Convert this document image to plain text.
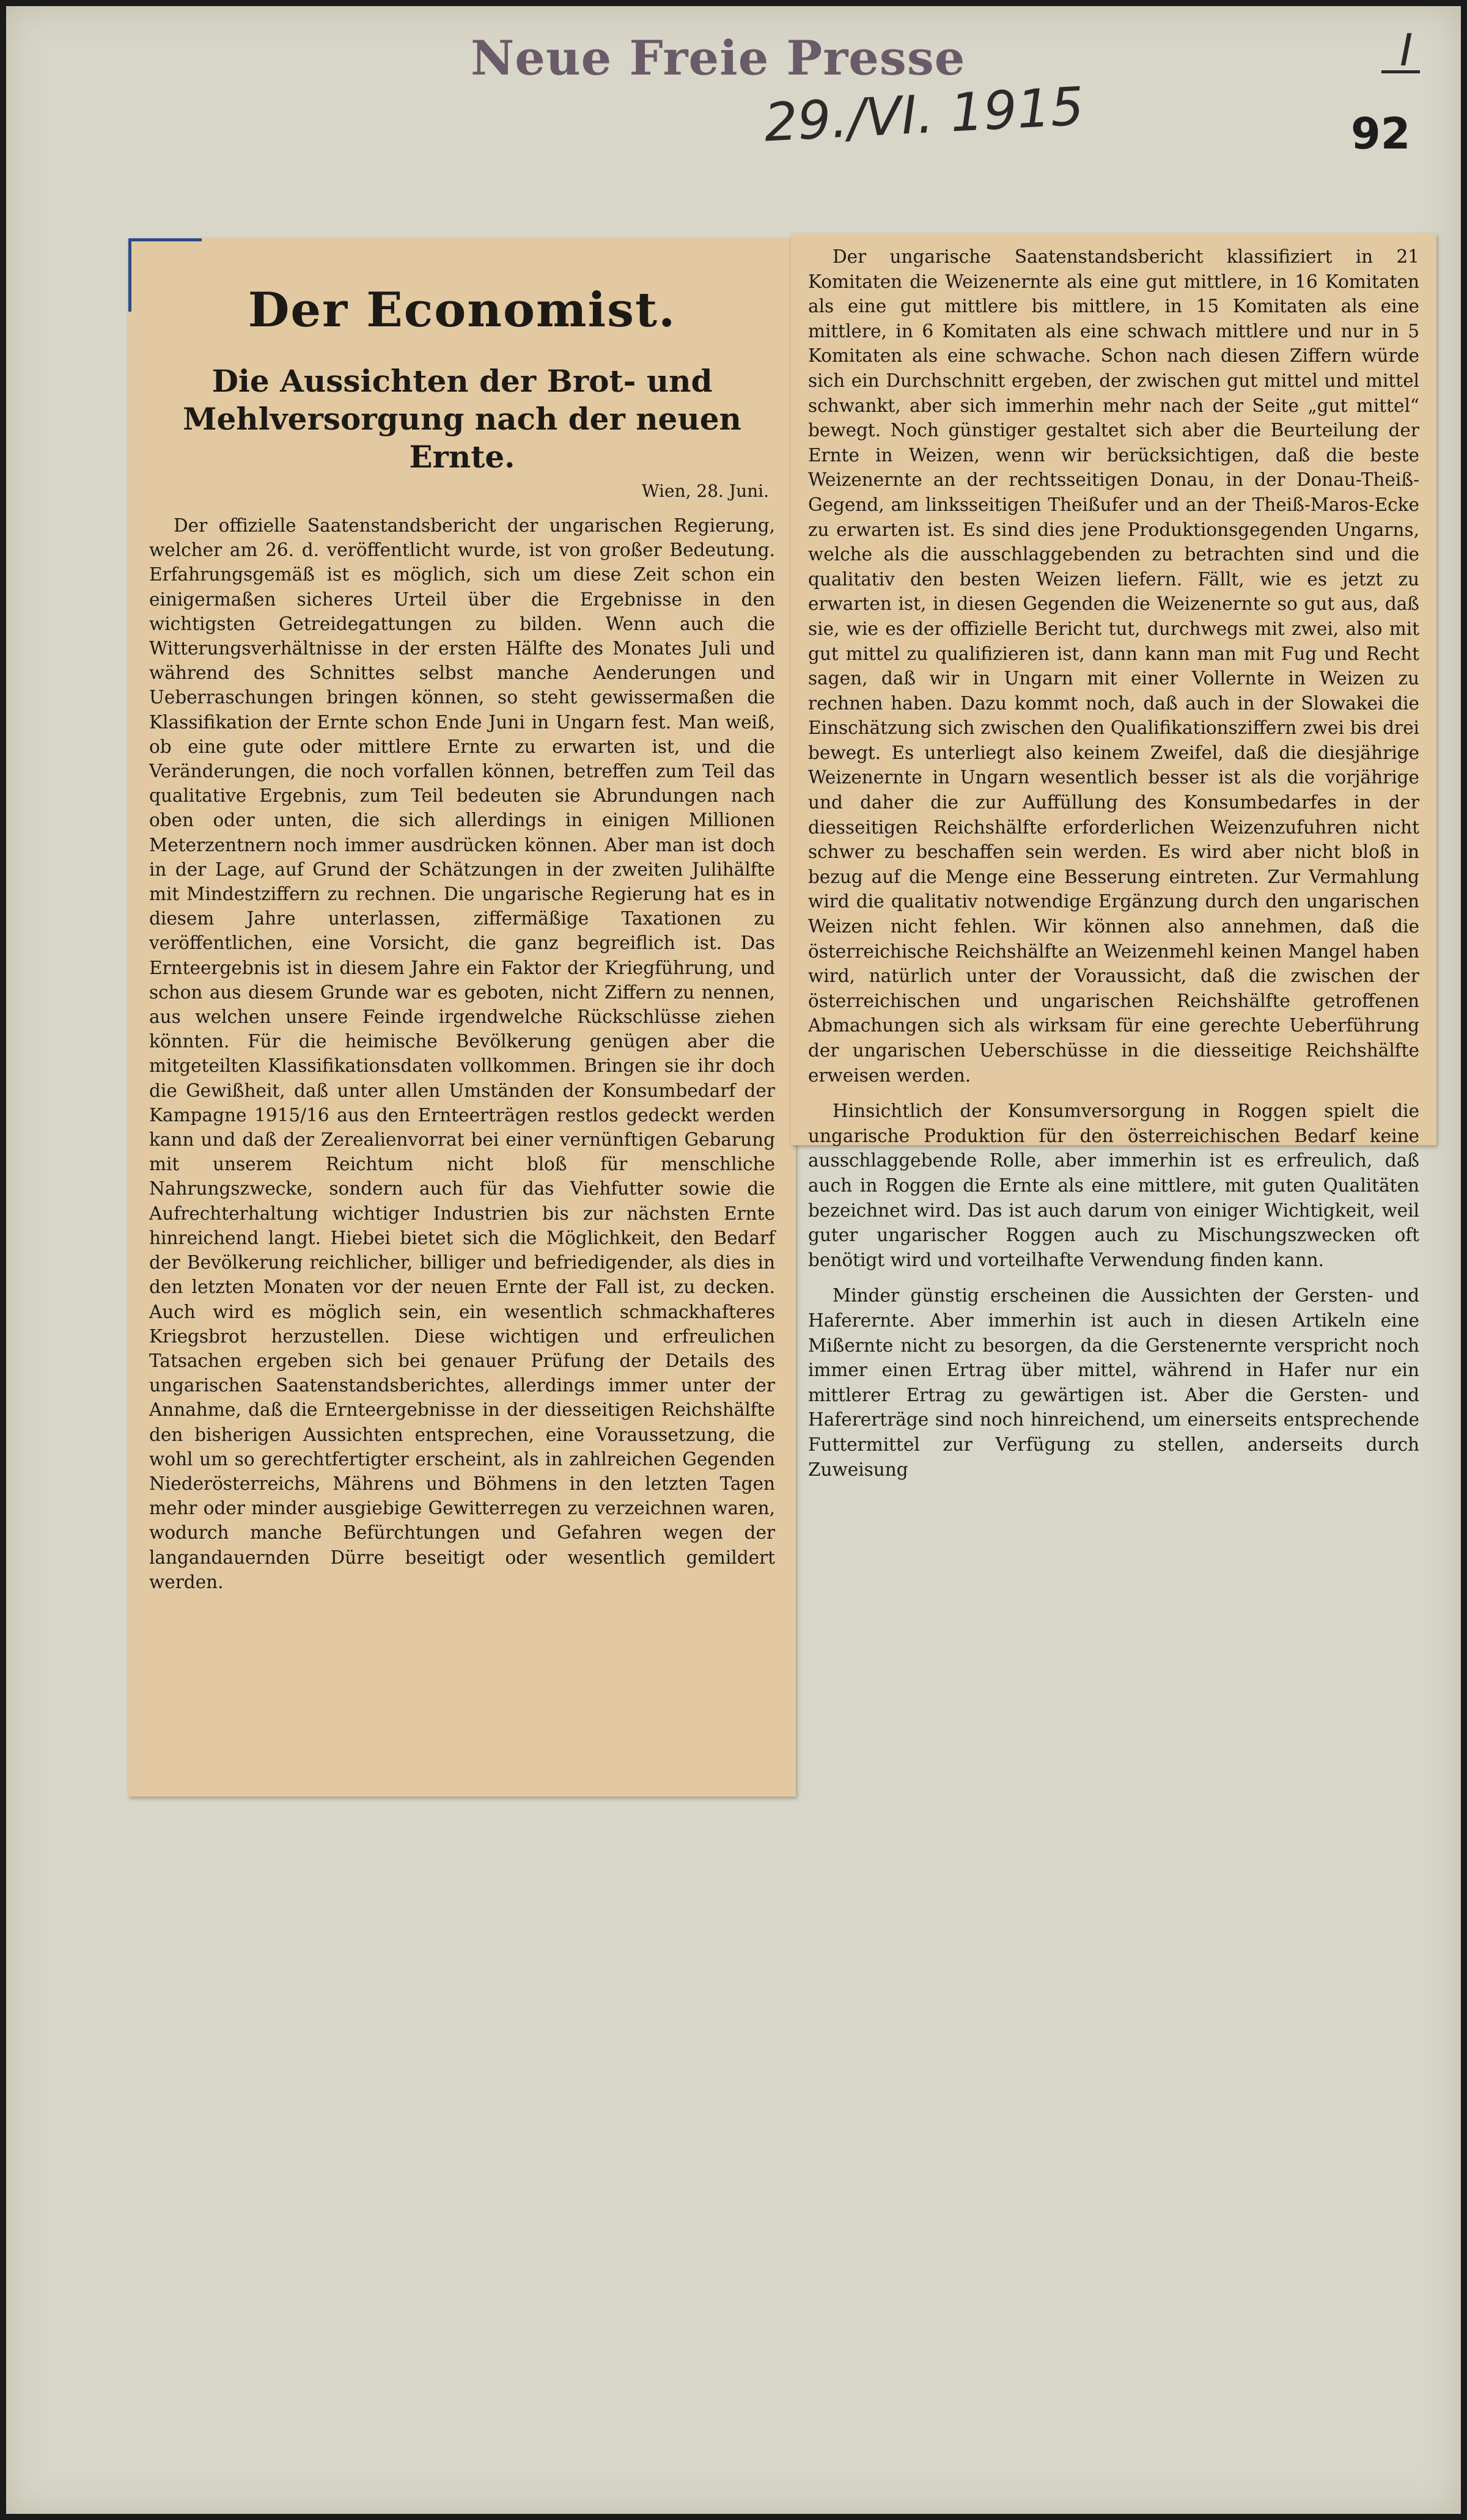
Neue Freie Presse
29./VI. 1915
I
92
Der Economist.
Die Aussichten der Brot- und Mehlversorgung nach der neuen Ernte.
Wien, 28. Juni.

Der offizielle Saatenstandsbericht der ungarischen Regierung, welcher am 26. d. veröffentlicht wurde, ist von großer Bedeutung. Erfahrungsgemäß ist es möglich, sich um diese Zeit schon ein einigermaßen sicheres Urteil über die Ergebnisse in den wichtigsten Getreidegattungen zu bilden. Wenn auch die Witterungsverhältnisse in der ersten Hälfte des Monates Juli und während des Schnittes selbst manche Aenderungen und Ueberraschungen bringen können, so steht gewissermaßen die Klassifikation der Ernte schon Ende Juni in Ungarn fest. Man weiß, ob eine gute oder mittlere Ernte zu erwarten ist, und die Veränderungen, die noch vorfallen können, betreffen zum Teil das qualitative Ergebnis, zum Teil bedeuten sie Abrundungen nach oben oder unten, die sich allerdings in einigen Millionen Meterzentnern noch immer ausdrücken können. Aber man ist doch in der Lage, auf Grund der Schätzungen in der zweiten Julihälfte mit Mindestziffern zu rechnen. Die ungarische Regierung hat es in diesem Jahre unterlassen, ziffermäßige Taxationen zu veröffentlichen, eine Vorsicht, die ganz begreiflich ist. Das Ernteergebnis ist in diesem Jahre ein Faktor der Kriegführung, und schon aus diesem Grunde war es geboten, nicht Ziffern zu nennen, aus welchen unsere Feinde irgendwelche Rückschlüsse ziehen könnten. Für die heimische Bevölkerung genügen aber die mitgeteilten Klassifikationsdaten vollkommen. Bringen sie ihr doch die Gewißheit, daß unter allen Umständen der Konsumbedarf der Kampagne 1915/16 aus den Ernteerträgen restlos gedeckt werden kann und daß der Zerealienvorrat bei einer vernünftigen Gebarung mit unserem Reichtum nicht bloß für menschliche Nahrungszwecke, sondern auch für das Viehfutter sowie die Aufrechterhaltung wichtiger Industrien bis zur nächsten Ernte hinreichend langt. Hiebei bietet sich die Möglichkeit, den Bedarf der Bevölkerung reichlicher, billiger und befriedigender, als dies in den letzten Monaten vor der neuen Ernte der Fall ist, zu decken. Auch wird es möglich sein, ein wesentlich schmackhafteres Kriegsbrot herzustellen. Diese wichtigen und erfreulichen Tatsachen ergeben sich bei genauer Prüfung der Details des ungarischen Saatenstandsberichtes, allerdings immer unter der Annahme, daß die Ernteergebnisse in der diesseitigen Reichshälfte den bisherigen Aussichten entsprechen, eine Voraussetzung, die wohl um so gerechtfertigter erscheint, als in zahlreichen Gegenden Niederösterreichs, Mährens und Böhmens in den letzten Tagen mehr oder minder ausgiebige Gewitterregen zu verzeichnen waren, wodurch manche Befürchtungen und Gefahren wegen der langandauernden Dürre beseitigt oder wesentlich gemildert werden.

Der ungarische Saatenstandsbericht klassifiziert in 21 Komitaten die Weizenernte als eine gut mittlere, in 16 Komitaten als eine gut mittlere bis mittlere, in 15 Komitaten als eine mittlere, in 6 Komitaten als eine schwach mittlere und nur in 5 Komitaten als eine schwache. Schon nach diesen Ziffern würde sich ein Durchschnitt ergeben, der zwischen gut mittel und mittel schwankt, aber sich immerhin mehr nach der Seite „gut mittel“ bewegt. Noch günstiger gestaltet sich aber die Beurteilung der Ernte in Weizen, wenn wir berücksichtigen, daß die beste Weizenernte an der rechtsseitigen Donau, in der Donau-Theiß-Gegend, am linksseitigen Theißufer und an der Theiß-Maros-Ecke zu erwarten ist. Es sind dies jene Produktionsgegenden Ungarns, welche als die ausschlaggebenden zu betrachten sind und die qualitativ den besten Weizen liefern. Fällt, wie es jetzt zu erwarten ist, in diesen Gegenden die Weizenernte so gut aus, daß sie, wie es der offizielle Bericht tut, durchwegs mit zwei, also mit gut mittel zu qualifizieren ist, dann kann man mit Fug und Recht sagen, daß wir in Ungarn mit einer Vollernte in Weizen zu rechnen haben. Dazu kommt noch, daß auch in der Slowakei die Einschätzung sich zwischen den Qualifikationsziffern zwei bis drei bewegt. Es unterliegt also keinem Zweifel, daß die diesjährige Weizenernte in Ungarn wesentlich besser ist als die vorjährige und daher die zur Auffüllung des Konsumbedarfes in der diesseitigen Reichshälfte erforderlichen Weizenzufuhren nicht schwer zu beschaffen sein werden. Es wird aber nicht bloß in bezug auf die Menge eine Besserung eintreten. Zur Vermahlung wird die qualitativ notwendige Ergänzung durch den ungarischen Weizen nicht fehlen. Wir können also annehmen, daß die österreichische Reichshälfte an Weizenmehl keinen Mangel haben wird, natürlich unter der Voraussicht, daß die zwischen der österreichischen und ungarischen Reichshälfte getroffenen Abmachungen sich als wirksam für eine gerechte Ueberführung der ungarischen Ueberschüsse in die diesseitige Reichshälfte erweisen werden.

Hinsichtlich der Konsumversorgung in Roggen spielt die ungarische Produktion für den österreichischen Bedarf keine ausschlaggebende Rolle, aber immerhin ist es erfreulich, daß auch in Roggen die Ernte als eine mittlere, mit guten Qualitäten bezeichnet wird. Das ist auch darum von einiger Wichtigkeit, weil guter ungarischer Roggen auch zu Mischungszwecken oft benötigt wird und vorteilhafte Verwendung finden kann.

Minder günstig erscheinen die Aussichten der Gersten- und Haferernte. Aber immerhin ist auch in diesen Artikeln eine Mißernte nicht zu besorgen, da die Gerstenernte verspricht noch immer einen Ertrag über mittel, während in Hafer nur ein mittlerer Ertrag zu gewärtigen ist. Aber die Gersten- und Hafererträge sind noch hinreichend, um einerseits entsprechende Futtermittel zur Verfügung zu stellen, anderseits durch Zuweisung
